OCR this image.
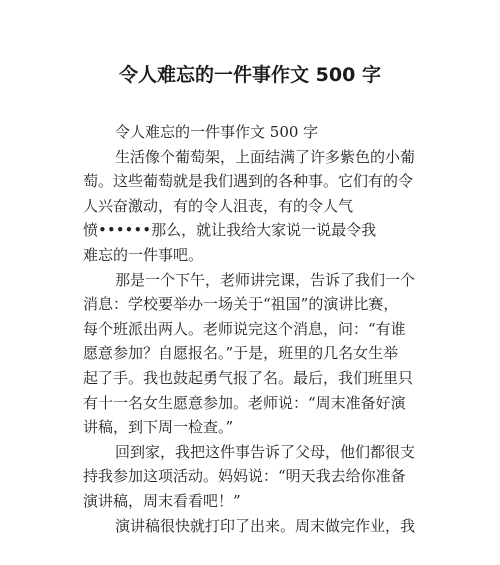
令人难忘的一件事作文 500 字
令人难忘的一件事作文 500 字
生活像个葡萄架，上面结满了许多紫色的小葡
萄。这些葡萄就是我们遇到的各种事。它们有的令
人兴奋激动，有的令人沮丧，有的令人气
愤••••••那么，就让我给大家说一说最令我
难忘的一件事吧。
那是一个下午，老师讲完课，告诉了我们一个
消息：学校要举办一场关于“祖国”的演讲比赛，
每个班派出两人。老师说完这个消息，问：“有谁
愿意参加？自愿报名。”于是，班里的几名女生举
起了手。我也鼓起勇气报了名。最后，我们班里只
有十一名女生愿意参加。老师说：“周末准备好演
讲稿，到下周一检查。”
回到家，我把这件事告诉了父母，他们都很支
持我参加这项活动。妈妈说：“明天我去给你准备
演讲稿，周末看看吧！”
演讲稿很快就打印了出来。周末做完作业，我
